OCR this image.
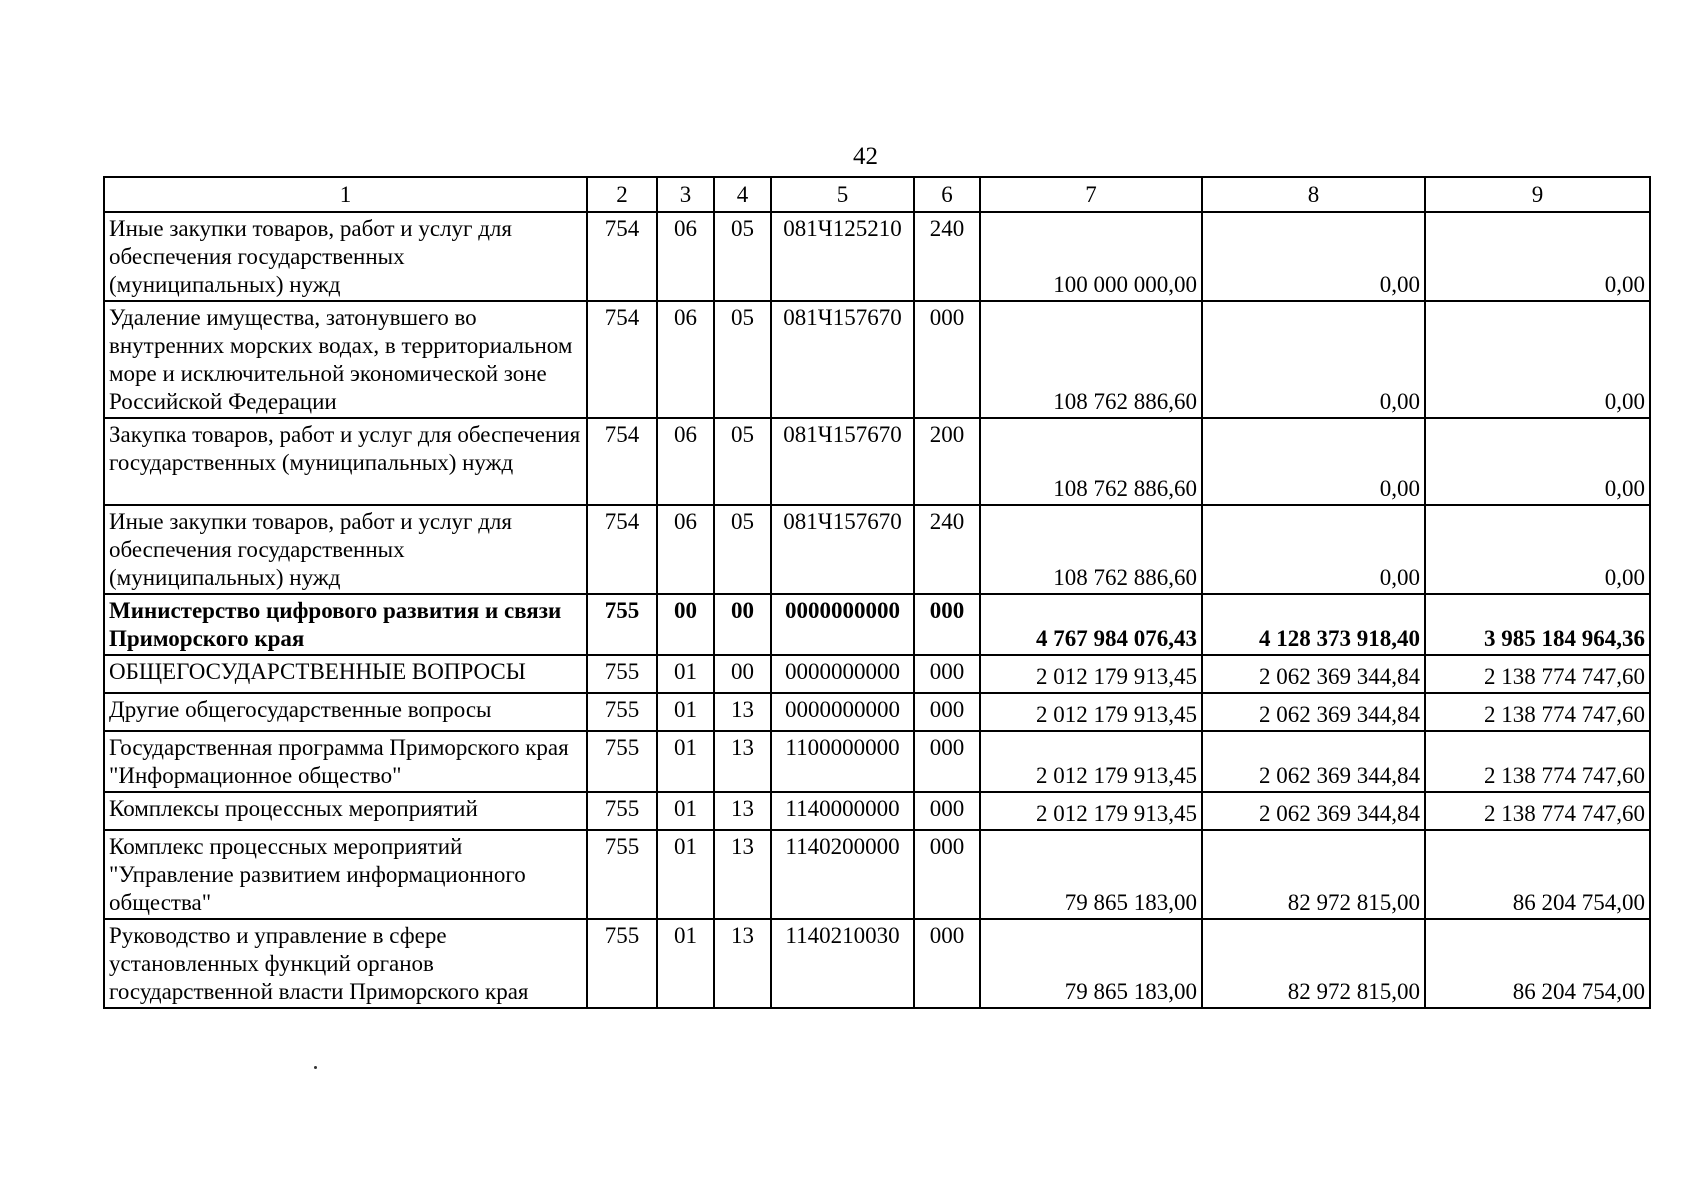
42
1	2	3	4	5	6	7	8	9
Иные закупки товаров, работ и услуг для обеспечения государственных (муниципальных) нужд	754	06	05	081Ч125210	240	100 000 000,00	0,00	0,00
Удаление имущества, затонувшего во внутренних морских водах, в территориальном море и исключительной экономической зоне Российской Федерации	754	06	05	081Ч157670	000	108 762 886,60	0,00	0,00
Закупка товаров, работ и услуг для обеспечения государственных (муниципальных) нужд	754	06	05	081Ч157670	200	108 762 886,60	0,00	0,00
Иные закупки товаров, работ и услуг для обеспечения государственных (муниципальных) нужд	754	06	05	081Ч157670	240	108 762 886,60	0,00	0,00
Министерство цифрового развития и связи Приморского края	755	00	00	0000000000	000	4 767 984 076,43	4 128 373 918,40	3 985 184 964,36
ОБЩЕГОСУДАРСТВЕННЫЕ ВОПРОСЫ	755	01	00	0000000000	000	2 012 179 913,45	2 062 369 344,84	2 138 774 747,60
Другие общегосударственные вопросы	755	01	13	0000000000	000	2 012 179 913,45	2 062 369 344,84	2 138 774 747,60
Государственная программа Приморского края "Информационное общество"	755	01	13	1100000000	000	2 012 179 913,45	2 062 369 344,84	2 138 774 747,60
Комплексы процессных мероприятий	755	01	13	1140000000	000	2 012 179 913,45	2 062 369 344,84	2 138 774 747,60
Комплекс процессных мероприятий "Управление развитием информационного общества"	755	01	13	1140200000	000	79 865 183,00	82 972 815,00	86 204 754,00
Руководство и управление в сфере установленных функций органов государственной власти Приморского края	755	01	13	1140210030	000	79 865 183,00	82 972 815,00	86 204 754,00
